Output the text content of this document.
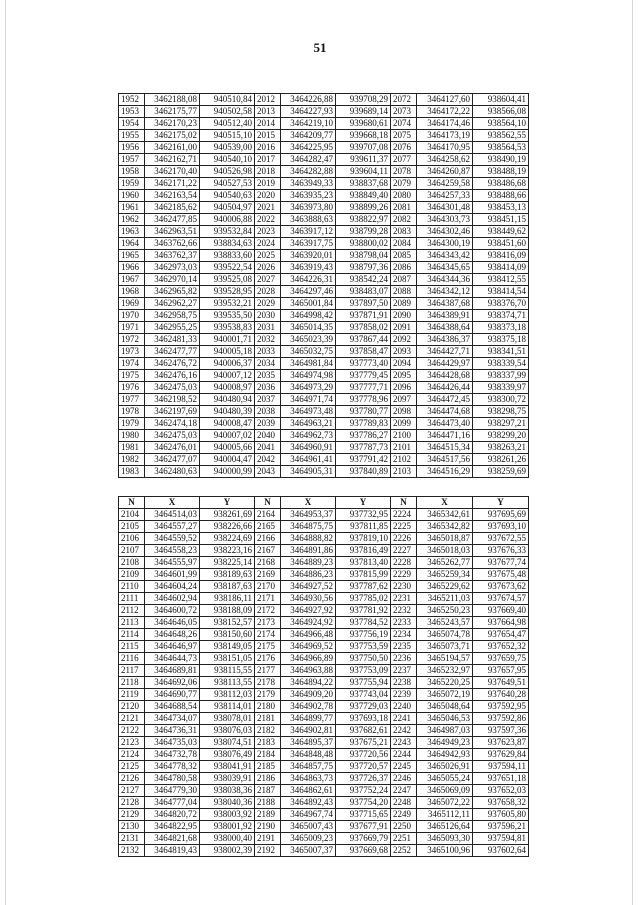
51
1952	3462188,08	940510,84	2012	3464226,88	939708,29	2072	3464127,60	938604,41
1953	3462175,77	940502,58	2013	3464227,93	939689,14	2073	3464172,22	938566,08
1954	3462170,23	940512,40	2014	3464219,10	939680,61	2074	3464174,46	938564,10
1955	3462175,02	940515,10	2015	3464209,77	939668,18	2075	3464173,19	938562,55
1956	3462161,00	940539,00	2016	3464225,95	939707,08	2076	3464170,95	938564,53
1957	3462162,71	940540,10	2017	3464282,47	939611,37	2077	3464258,62	938490,19
1958	3462170,40	940526,98	2018	3464282,88	939604,11	2078	3464260,87	938488,19
1959	3462171,22	940527,53	2019	3463949,33	938837,68	2079	3464259,58	938486,68
1960	3462163,54	940540,63	2020	3463935,23	938849,40	2080	3464257,33	938488,66
1961	3462185,62	940504,97	2021	3463973,80	938899,26	2081	3464301,48	938453,13
1962	3462477,85	940006,88	2022	3463888,63	938822,97	2082	3464303,73	938451,15
1963	3462963,51	939532,84	2023	3463917,12	938799,28	2083	3464302,46	938449,62
1964	3463762,66	938834,63	2024	3463917,75	938800,02	2084	3464300,19	938451,60
1965	3463762,37	938833,60	2025	3463920,01	938798,04	2085	3464343,42	938416,09
1966	3462973,03	939522,54	2026	3463919,43	938797,36	2086	3464345,65	938414,09
1967	3462970,14	939525,08	2027	3464226,31	938542,24	2087	3464344,36	938412,55
1968	3462965,82	939528,95	2028	3464297,46	938483,07	2088	3464342,12	938414,54
1969	3462962,27	939532,21	2029	3465001,84	937897,50	2089	3464387,68	938376,70
1970	3462958,75	939535,50	2030	3464998,42	937871,91	2090	3464389,91	938374,71
1971	3462955,25	939538,83	2031	3465014,35	937858,02	2091	3464388,64	938373,18
1972	3462481,33	940001,71	2032	3465023,39	937867,44	2092	3464386,37	938375,18
1973	3462477,77	940005,18	2033	3465032,75	937858,47	2093	3464427,71	938341,51
1974	3462476,72	940006,37	2034	3464981,84	937773,40	2094	3464429,97	938339,54
1975	3462476,16	940007,12	2035	3464974,98	937779,45	2095	3464428,68	938337,99
1976	3462475,03	940008,97	2036	3464973,29	937777,71	2096	3464426,44	938339,97
1977	3462198,52	940480,94	2037	3464971,74	937778,96	2097	3464472,45	938300,72
1978	3462197,69	940480,39	2038	3464973,48	937780,77	2098	3464474,68	938298,75
1979	3462474,18	940008,47	2039	3464963,21	937789,83	2099	3464473,40	938297,21
1980	3462475,03	940007,02	2040	3464962,73	937786,27	2100	3464471,16	938299,20
1981	3462476,01	940005,66	2041	3464960,91	937787,73	2101	3464515,34	938263,21
1982	3462477,07	940004,47	2042	3464961,41	937791,42	2102	3464517,56	938261,26
1983	3462480,63	940000,99	2043	3464905,31	937840,89	2103	3464516,29	938259,69
N	X	Y	N	X	Y	N	X	Y
2104	3464514,03	938261,69	2164	3464953,37	937732,95	2224	3465342,61	937695,69
2105	3464557,27	938226,66	2165	3464875,75	937811,85	2225	3465342,82	937693,10
2106	3464559,52	938224,69	2166	3464888,82	937819,10	2226	3465018,87	937672,55
2107	3464558,23	938223,16	2167	3464891,86	937816,49	2227	3465018,03	937676,33
2108	3464555,97	938225,14	2168	3464889,23	937813,40	2228	3465262,77	937677,74
2109	3464601,99	938189,63	2169	3464886,23	937815,99	2229	3465259,34	937675,48
2110	3464604,24	938187,63	2170	3464927,52	937787,62	2230	3465229,62	937673,62
2111	3464602,94	938186,11	2171	3464930,56	937785,02	2231	3465211,03	937674,57
2112	3464600,72	938188,09	2172	3464927,92	937781,92	2232	3465250,23	937669,40
2113	3464646,05	938152,57	2173	3464924,92	937784,52	2233	3465243,57	937664,98
2114	3464648,26	938150,60	2174	3464966,48	937756,19	2234	3465074,78	937654,47
2115	3464646,97	938149,05	2175	3464969,52	937753,59	2235	3465073,71	937652,32
2116	3464644,73	938151,05	2176	3464966,89	937750,50	2236	3465194,57	937659,75
2117	3464689,81	938115,55	2177	3464963,88	937753,09	2237	3465232,97	937657,95
2118	3464692,06	938113,55	2178	3464894,22	937755,94	2238	3465220,25	937649,51
2119	3464690,77	938112,03	2179	3464909,20	937743,04	2239	3465072,19	937640,28
2120	3464688,54	938114,01	2180	3464902,78	937729,03	2240	3465048,64	937592,95
2121	3464734,07	938078,01	2181	3464899,77	937693,18	2241	3465046,53	937592,86
2122	3464736,31	938076,03	2182	3464902,81	937682,61	2242	3464987,03	937597,36
2123	3464735,03	938074,51	2183	3464895,37	937675,21	2243	3464949,23	937623,87
2124	3464732,78	938076,49	2184	3464848,48	937720,56	2244	3464942,93	937629,84
2125	3464778,32	938041,91	2185	3464857,75	937720,57	2245	3465026,91	937594,11
2126	3464780,58	938039,91	2186	3464863,73	937726,37	2246	3465055,24	937651,18
2127	3464779,30	938038,36	2187	3464862,61	937752,24	2247	3465069,09	937652,03
2128	3464777,04	938040,36	2188	3464892,43	937754,20	2248	3465072,22	937658,32
2129	3464820,72	938003,92	2189	3464967,74	937715,65	2249	3465112,11	937605,80
2130	3464822,95	938001,92	2190	3465007,43	937677,91	2250	3465126,64	937596,21
2131	3464821,68	938000,40	2191	3465009,23	937669,79	2251	3465093,30	937594,81
2132	3464819,43	938002,39	2192	3465007,37	937669,68	2252	3465100,96	937602,64
